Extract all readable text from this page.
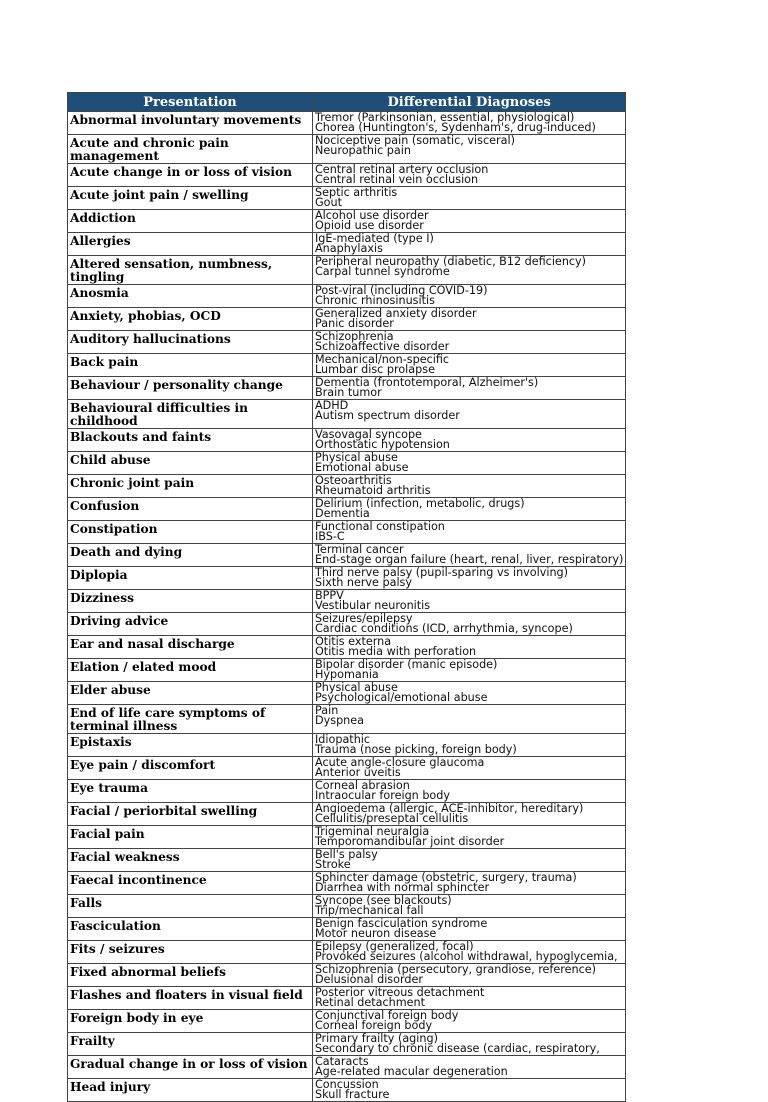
Presentation	Differential Diagnoses

Abnormal involuntary movements	Tremor (Parkinsonian, essential, physiological)
Chorea (Huntington's, Sydenham's, drug-induced)

Acute and chronic pain management	Nociceptive pain (somatic, visceral)
Neuropathic pain

Acute change in or loss of vision	Central retinal artery occlusion
Central retinal vein occlusion

Acute joint pain / swelling	Septic arthritis
Gout

Addiction	Alcohol use disorder
Opioid use disorder

Allergies	IgE-mediated (type I)
Anaphylaxis

Altered sensation, numbness, tingling	Peripheral neuropathy (diabetic, B12 deficiency)
Carpal tunnel syndrome

Anosmia	Post-viral (including COVID-19)
Chronic rhinosinusitis

Anxiety, phobias, OCD	Generalized anxiety disorder
Panic disorder

Auditory hallucinations	Schizophrenia
Schizoaffective disorder

Back pain	Mechanical/non-specific
Lumbar disc prolapse

Behaviour / personality change	Dementia (frontotemporal, Alzheimer's)
Brain tumor

Behavioural difficulties in childhood	ADHD
Autism spectrum disorder

Blackouts and faints	Vasovagal syncope
Orthostatic hypotension

Child abuse	Physical abuse
Emotional abuse

Chronic joint pain	Osteoarthritis
Rheumatoid arthritis

Confusion	Delirium (infection, metabolic, drugs)
Dementia

Constipation	Functional constipation
IBS-C

Death and dying	Terminal cancer
End-stage organ failure (heart, renal, liver, respiratory)

Diplopia	Third nerve palsy (pupil-sparing vs involving)
Sixth nerve palsy

Dizziness	BPPV
Vestibular neuronitis

Driving advice	Seizures/epilepsy
Cardiac conditions (ICD, arrhythmia, syncope)

Ear and nasal discharge	Otitis externa
Otitis media with perforation

Elation / elated mood	Bipolar disorder (manic episode)
Hypomania

Elder abuse	Physical abuse
Psychological/emotional abuse

End of life care symptoms of terminal illness	Pain
Dyspnea

Epistaxis	Idiopathic
Trauma (nose picking, foreign body)

Eye pain / discomfort	Acute angle-closure glaucoma
Anterior uveitis

Eye trauma	Corneal abrasion
Intraocular foreign body

Facial / periorbital swelling	Angioedema (allergic, ACE-inhibitor, hereditary)
Cellulitis/preseptal cellulitis

Facial pain	Trigeminal neuralgia
Temporomandibular joint disorder

Facial weakness	Bell's palsy
Stroke

Faecal incontinence	Sphincter damage (obstetric, surgery, trauma)
Diarrhea with normal sphincter

Falls	Syncope (see blackouts)
Trip/mechanical fall

Fasciculation	Benign fasciculation syndrome
Motor neuron disease

Fits / seizures	Epilepsy (generalized, focal)
Provoked seizures (alcohol withdrawal, hypoglycemia,

Fixed abnormal beliefs	Schizophrenia (persecutory, grandiose, reference)
Delusional disorder

Flashes and floaters in visual field	Posterior vitreous detachment
Retinal detachment

Foreign body in eye	Conjunctival foreign body
Corneal foreign body

Frailty	Primary frailty (aging)
Secondary to chronic disease (cardiac, respiratory,

Gradual change in or loss of vision	Cataracts
Age-related macular degeneration

Head injury	Concussion
Skull fracture
